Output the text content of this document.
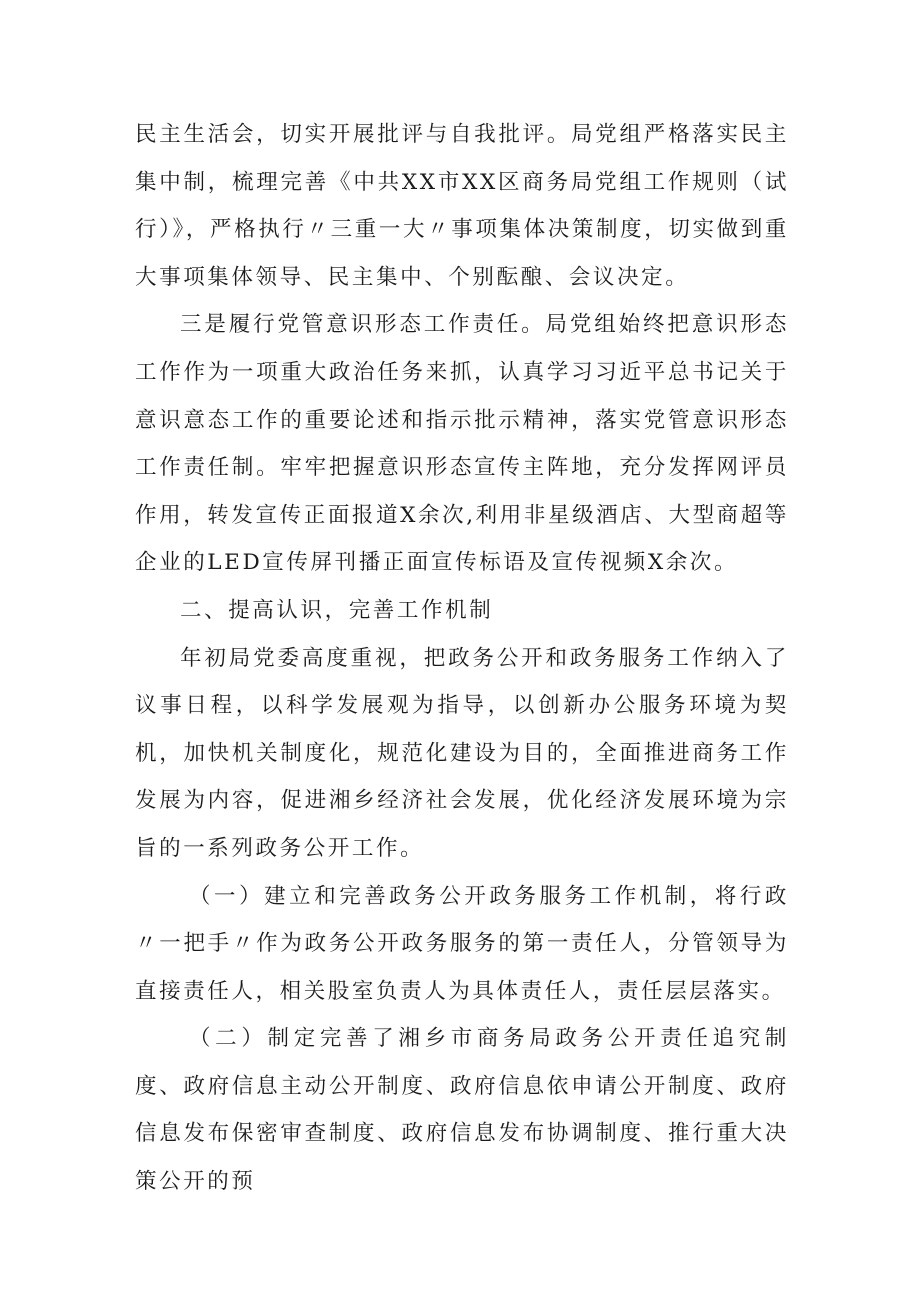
民主生活会，切实开展批评与自我批评。局党组严格落实民主集中制，梳理完善《中共XX市XX区商务局党组工作规则（试行）》，严格执行〃三重一大〃事项集体决策制度，切实做到重大事项集体领导、民主集中、个别酝酿、会议决定。

三是履行党管意识形态工作责任。局党组始终把意识形态工作作为一项重大政治任务来抓，认真学习习近平总书记关于意识意态工作的重要论述和指示批示精神，落实党管意识形态工作责任制。牢牢把握意识形态宣传主阵地，充分发挥网评员作用，转发宣传正面报道X余次,利用非星级酒店、大型商超等企业的LED宣传屏刊播正面宣传标语及宣传视频X余次。

二、提高认识，完善工作机制

年初局党委高度重视，把政务公开和政务服务工作纳入了议事日程，以科学发展观为指导，以创新办公服务环境为契机，加快机关制度化，规范化建设为目的，全面推进商务工作发展为内容，促进湘乡经济社会发展，优化经济发展环境为宗旨的一系列政务公开工作。

（一）建立和完善政务公开政务服务工作机制，将行政〃一把手〃作为政务公开政务服务的第一责任人，分管领导为直接责任人，相关股室负责人为具体责任人，责任层层落实。

（二）制定完善了湘乡市商务局政务公开责任追究制度、政府信息主动公开制度、政府信息依申请公开制度、政府信息发布保密审查制度、政府信息发布协调制度、推行重大决策公开的预
